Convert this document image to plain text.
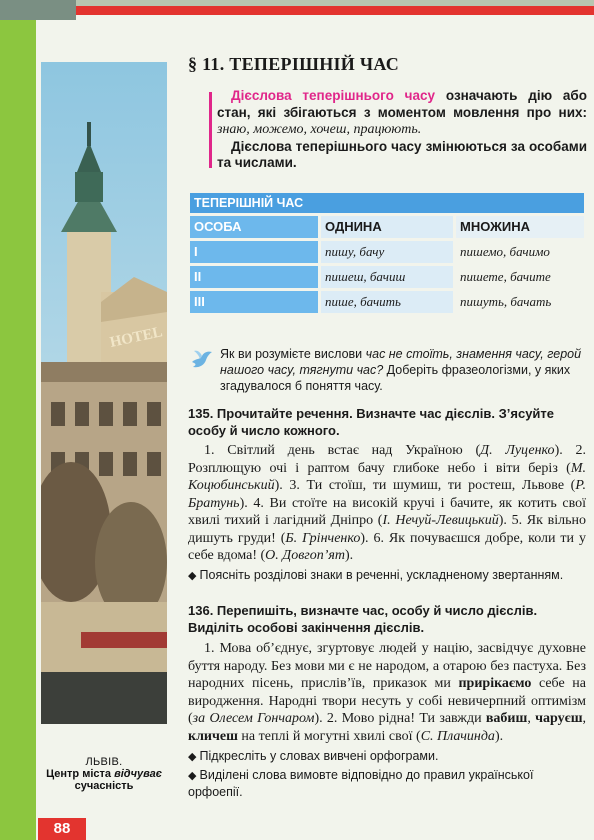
HOTEL
ЛЬВІВ.
Центр міста відчуває
сучасність
88
§ 11. ТЕПЕРІШНІЙ ЧАС

Дієслова теперішнього часу означають дію або стан, які збігаються з моментом мовлення про них: знаю, можемо, хочеш, працюють.

Дієслова теперішнього часу змінюються за особами та числами.

ТЕПЕРІШНІЙ ЧАС
ОСОБА	ОДНИНА	МНОЖИНА
І	пишу, бачу	пишемо, бачимо
ІІ	пишеш, бачиш	пишете, бачите
ІІІ	пише, бачить	пишуть, бачать
Як ви розумієте вислови час не стоїть, знамення часу, герой нашого часу, тягнути час? Доберіть фразеологізми, у яких згадувалося б поняття часу.
135. Прочитайте речення. Визначте час дієслів. З’ясуйте особу й число кожного.

1. Світлий день встає над Україною (Д. Луценко). 2. Розплющую очі і раптом бачу глибоке небо і віти беріз (М. Коцюбинський). 3. Ти стоїш, ти шумиш, ти ростеш, Львове (Р. Братунь). 4. Ви стоїте на високій кручі і бачите, як котить свої хвилі тихий і лагідний Дніпро (І. Нечуй-Левицький). 5. Як вільно дишуть груди! (Б. Грінченко). 6. Як почуваєшся добре, коли ти у себе вдома! (О. Довгоп’ят).

◆ Поясніть розділові знаки в реченні, ускладненому звертанням.
136. Перепишіть, визначте час, особу й число дієслів. Виділіть особові закінчення дієслів.

1. Мова об’єднує, згуртовує людей у націю, засвідчує духовне буття народу. Без мови ми є не народом, а отарою без пастуха. Без народних пісень, прислів’їв, приказок ми прирікаємо себе на виродження. Народні твори несуть у собі невичерпний оптимізм (за Олесем Гончаром). 2. Мово рідна! Ти завжди вабиш, чаруєш, кличеш на теплі й могутні хвилі свої (С. Плачинда).

◆ Підкресліть у словах вивчені орфограми.
◆ Виділені слова вимовте відповідно до правил української орфоепії.
